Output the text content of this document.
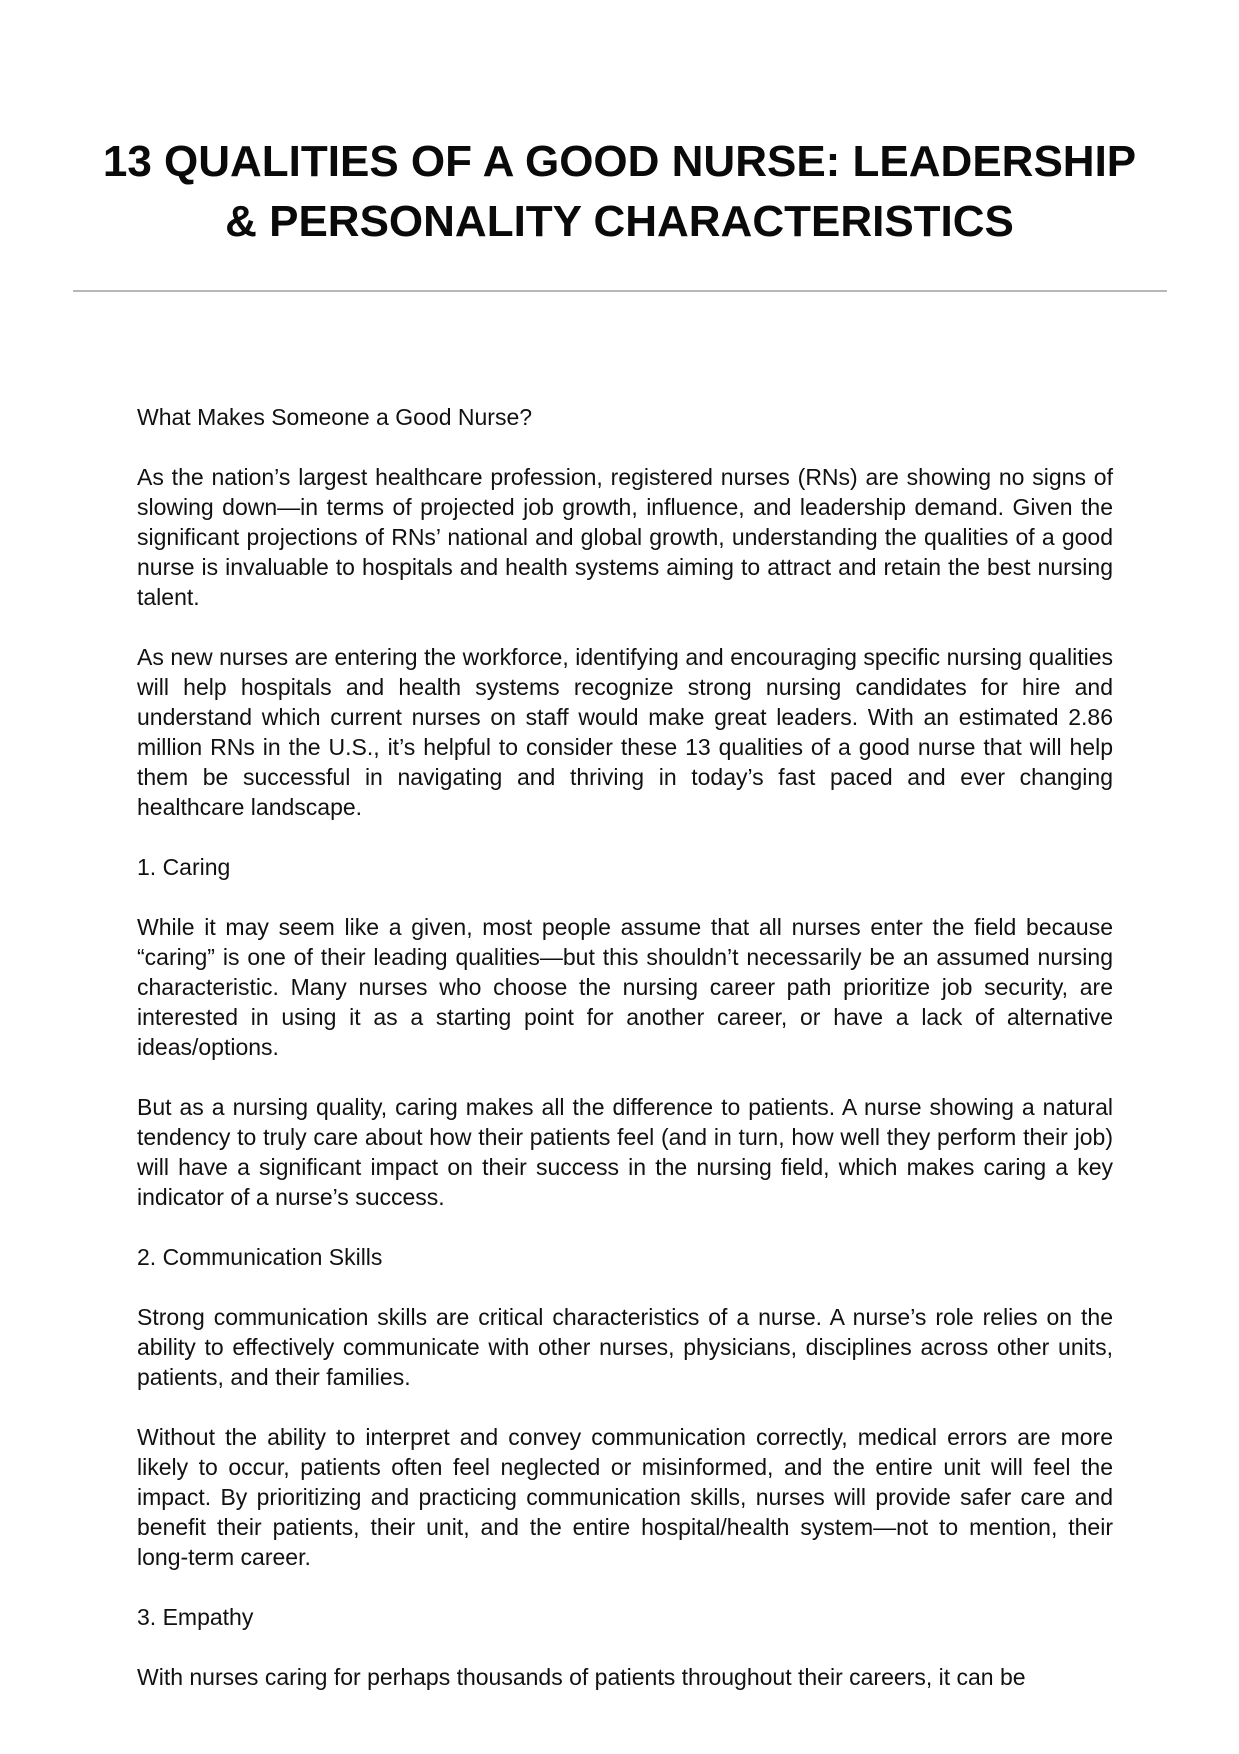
13 QUALITIES OF A GOOD NURSE: LEADERSHIP
& PERSONALITY CHARACTERISTICS

What Makes Someone a Good Nurse?

As the nation’s largest healthcare profession, registered nurses (RNs) are showing no signs of slowing down—in terms of projected job growth, influence, and leadership demand. Given the significant projections of RNs’ national and global growth, understanding the qualities of a good nurse is invaluable to hospitals and health systems aiming to attract and retain the best nursing talent.

As new nurses are entering the workforce, identifying and encouraging specific nursing qualities will help hospitals and health systems recognize strong nursing candidates for hire and understand which current nurses on staff would make great leaders. With an estimated 2.86 million RNs in the U.S., it’s helpful to consider these 13 qualities of a good nurse that will help them be successful in navigating and thriving in today’s fast paced and ever changing healthcare landscape.

1. Caring

While it may seem like a given, most people assume that all nurses enter the field because “caring” is one of their leading qualities—but this shouldn’t necessarily be an assumed nursing characteristic. Many nurses who choose the nursing career path prioritize job security, are interested in using it as a starting point for another career, or have a lack of alternative ideas/options.

But as a nursing quality, caring makes all the difference to patients. A nurse showing a natural tendency to truly care about how their patients feel (and in turn, how well they perform their job) will have a significant impact on their success in the nursing field, which makes caring a key indicator of a nurse’s success.

2. Communication Skills

Strong communication skills are critical characteristics of a nurse. A nurse’s role relies on the ability to effectively communicate with other nurses, physicians, disciplines across other units, patients, and their families.

Without the ability to interpret and convey communication correctly, medical errors are more likely to occur, patients often feel neglected or misinformed, and the entire unit will feel the impact. By prioritizing and practicing communication skills, nurses will provide safer care and benefit their patients, their unit, and the entire hospital/health system—not to mention, their long-term career.

3. Empathy

With nurses caring for perhaps thousands of patients throughout their careers, it can be
